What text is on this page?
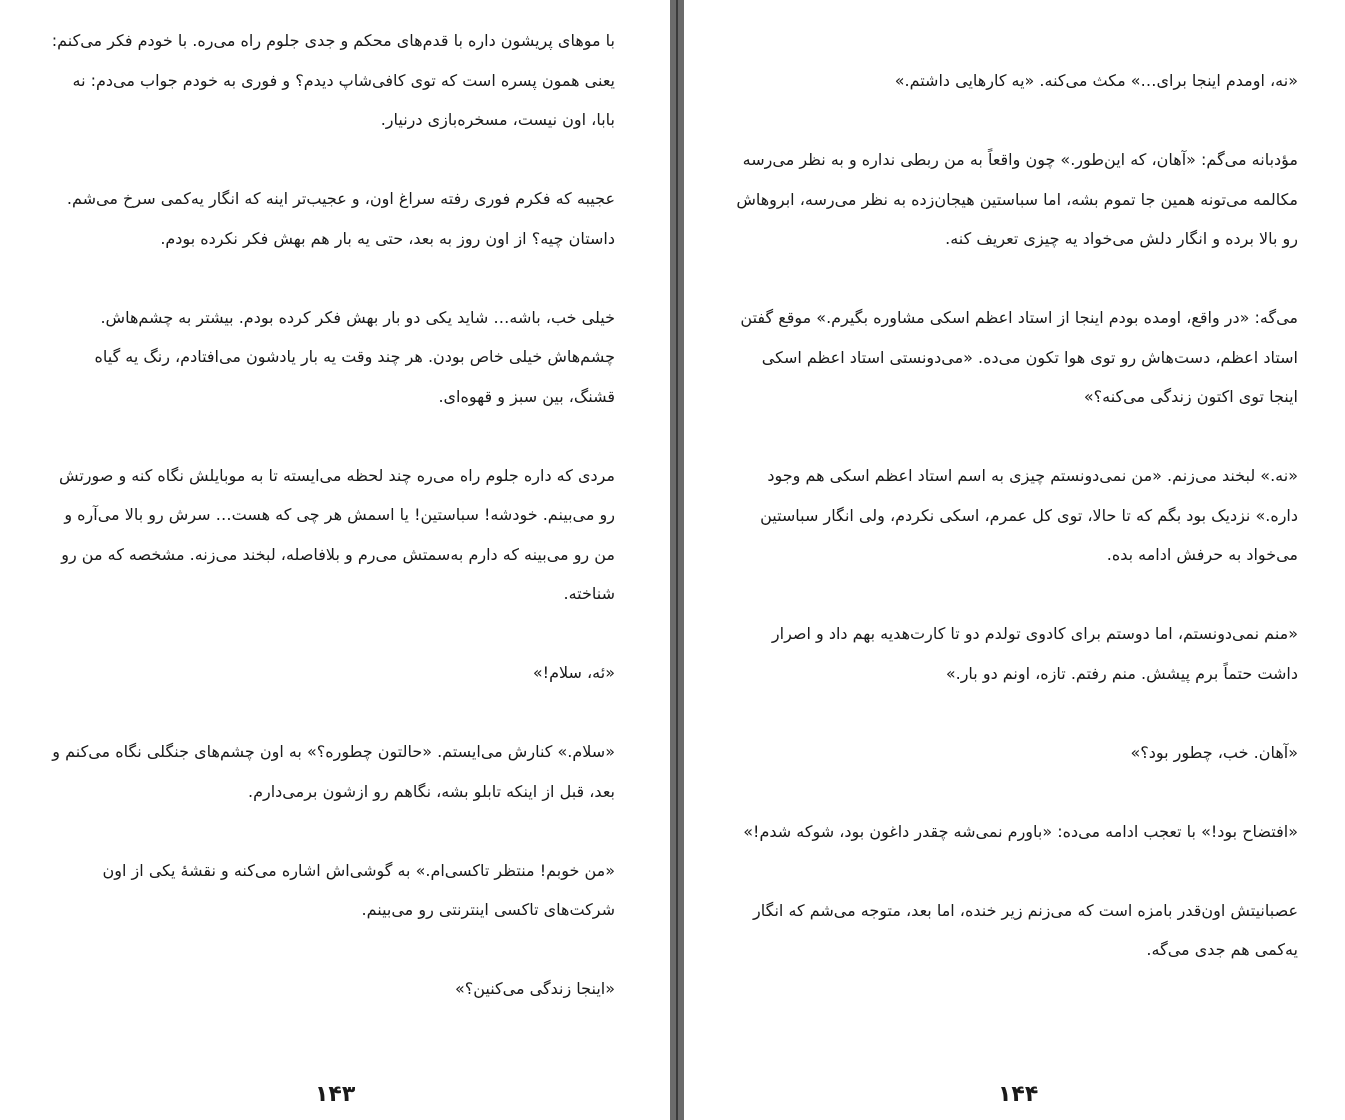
با موهای پریشون داره با قدم‌های محکم و جدی جلوم راه می‌ره. با خودم فکر می‌کنم: یعنی همون پسره است که توی کافی‌شاپ دیدم؟ و فوری به خودم جواب می‌دم: نه بابا، اون نیست، مسخره‌بازی درنیار.

عجیبه که فکرم فوری رفته سراغ اون، و عجیب‌تر اینه که انگار یه‌کمی سرخ می‌شم. داستان چیه؟ از اون روز به بعد، حتی یه بار هم بهش فکر نکرده بودم.

خیلی خب، باشه… شاید یکی دو بار بهش فکر کرده بودم. بیشتر به چشم‌هاش. چشم‌هاش خیلی خاص بودن. هر چند وقت یه بار یادشون می‌افتادم، رنگ یه گیاه قشنگ، بین سبز و قهوه‌ای.

مردی که داره جلوم راه می‌ره چند لحظه می‌ایسته تا به موبایلش نگاه کنه و صورتش رو می‌بینم. خودشه! سباستین! یا اسمش هر چی که هست… سرش رو بالا می‌آره و من رو می‌بینه که دارم به‌سمتش می‌رم و بلافاصله، لبخند می‌زنه. مشخصه که من رو شناخته.

«ئه، سلام!»

«سلام.» کنارش می‌ایستم. «حالتون چطوره؟» به اون چشم‌های جنگلی نگاه می‌کنم و بعد، قبل از اینکه تابلو بشه، نگاهم رو ازشون برمی‌دارم.

«من خوبم! منتظر تاکسی‌ام.» به گوشی‌اش اشاره می‌کنه و نقشهٔ یکی از اون شرکت‌های تاکسی اینترنتی رو می‌بینم.

«اینجا زندگی می‌کنین؟»

«نه، اومدم اینجا برای…» مکث می‌کنه. «یه کارهایی داشتم.»

مؤدبانه می‌گم: «آهان، که این‌طور.» چون واقعاً به من ربطی نداره و به نظر می‌رسه مکالمه می‌تونه همین جا تموم بشه، اما سباستین هیجان‌زده به نظر می‌رسه، ابروهاش رو بالا برده و انگار دلش می‌خواد یه چیزی تعریف کنه.

می‌گه: «در واقع، اومده بودم اینجا از استاد اعظم اسکی مشاوره بگیرم.» موقع گفتن استاد اعظم، دست‌هاش رو توی هوا تکون می‌ده. «می‌دونستی استاد اعظم اسکی اینجا توی اکتون زندگی می‌کنه؟»

«نه.» لبخند می‌زنم. «من نمی‌دونستم چیزی به اسم استاد اعظم اسکی هم وجود داره.» نزدیک بود بگم که تا حالا، توی کل عمرم، اسکی نکردم، ولی انگار سباستین می‌خواد به حرفش ادامه بده.

«منم نمی‌دونستم، اما دوستم برای کادوی تولدم دو تا کارت‌هدیه بهم داد و اصرار داشت حتماً برم پیشش. منم رفتم. تازه، اونم دو بار.»

«آهان. خب، چطور بود؟»

«افتضاح بود!» با تعجب ادامه می‌ده: «باورم نمی‌شه چقدر داغون بود، شوکه شدم!»

عصبانیتش اون‌قدر بامزه است که می‌زنم زیر خنده، اما بعد، متوجه می‌شم که انگار یه‌کمی هم جدی می‌گه.

۱۴۳	۱۴۴
